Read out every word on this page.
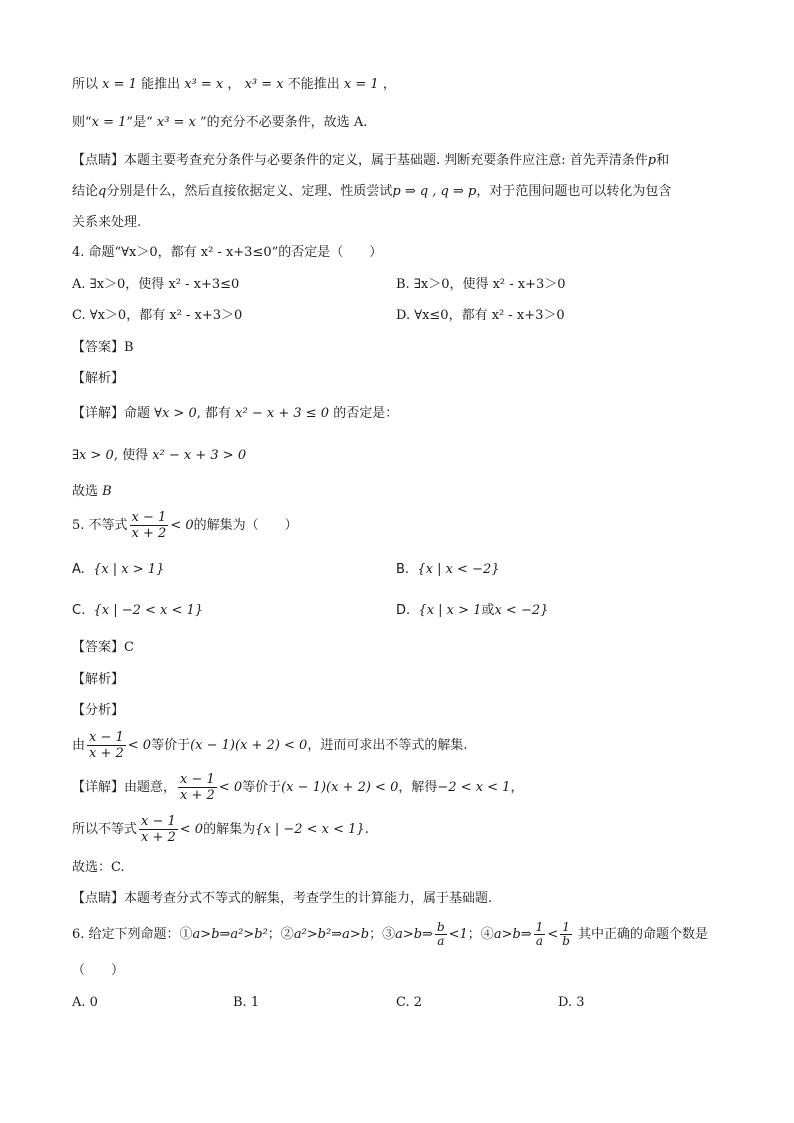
所以 x = 1 能推出 x³ = x ， x³ = x 不能推出 x = 1 ，
则“x = 1”是“ x³ = x ”的充分不必要条件，故选 A.
【点睛】本题主要考查充分条件与必要条件的定义，属于基础题. 判断充要条件应注意: 首先弄清条件p和
结论q分别是什么，然后直接依据定义、定理、性质尝试p ⇒ q , q ⇒ p，对于范围问题也可以转化为包含
关系来处理.
4. 命题“∀x＞0，都有 x² - x+3≤0”的否定是（　　）
A. ∃x＞0，使得 x² - x+3≤0	B. ∃x＞0，使得 x² - x+3＞0
C. ∀x＞0，都有 x² - x+3＞0	D. ∀x≤0，都有 x² - x+3＞0
【答案】B
【解析】
【详解】命题 ∀x > 0, 都有 x² − x + 3 ≤ 0 的否定是：
∃x > 0, 使得 x² − x + 3 > 0
故选 B
5. 不等式 $\frac{x - 1}{x + 2} < 0$的解集为（　　）
A. {x | x > 1}	B. {x | x < −2}
C. {x | −2 < x < 1}	D. {x | x > 1或x < −2}
【答案】C
【解析】
【分析】
由 $\frac{x - 1}{x + 2} < 0$等价于(x − 1)(x + 2) < 0，进而可求出不等式的解集.
【详解】由题意， $\frac{x - 1}{x + 2} < 0$等价于(x − 1)(x + 2) < 0，解得−2 < x < 1，
所以不等式 $\frac{x - 1}{x + 2} < 0$的解集为{x | −2 < x < 1}.
故选：C.
【点睛】本题考查分式不等式的解集，考查学生的计算能力，属于基础题.
6. 给定下列命题：①a>b⇒a²>b²；②a²>b²⇒a>b；③a>b⇒ $\frac{b}{a} <1$；④a>b⇒ $\frac{1}{a} < \frac{1}{b}$ 其中正确的命题个数是
（　　）
A. 0	B. 1	C. 2	D. 3
